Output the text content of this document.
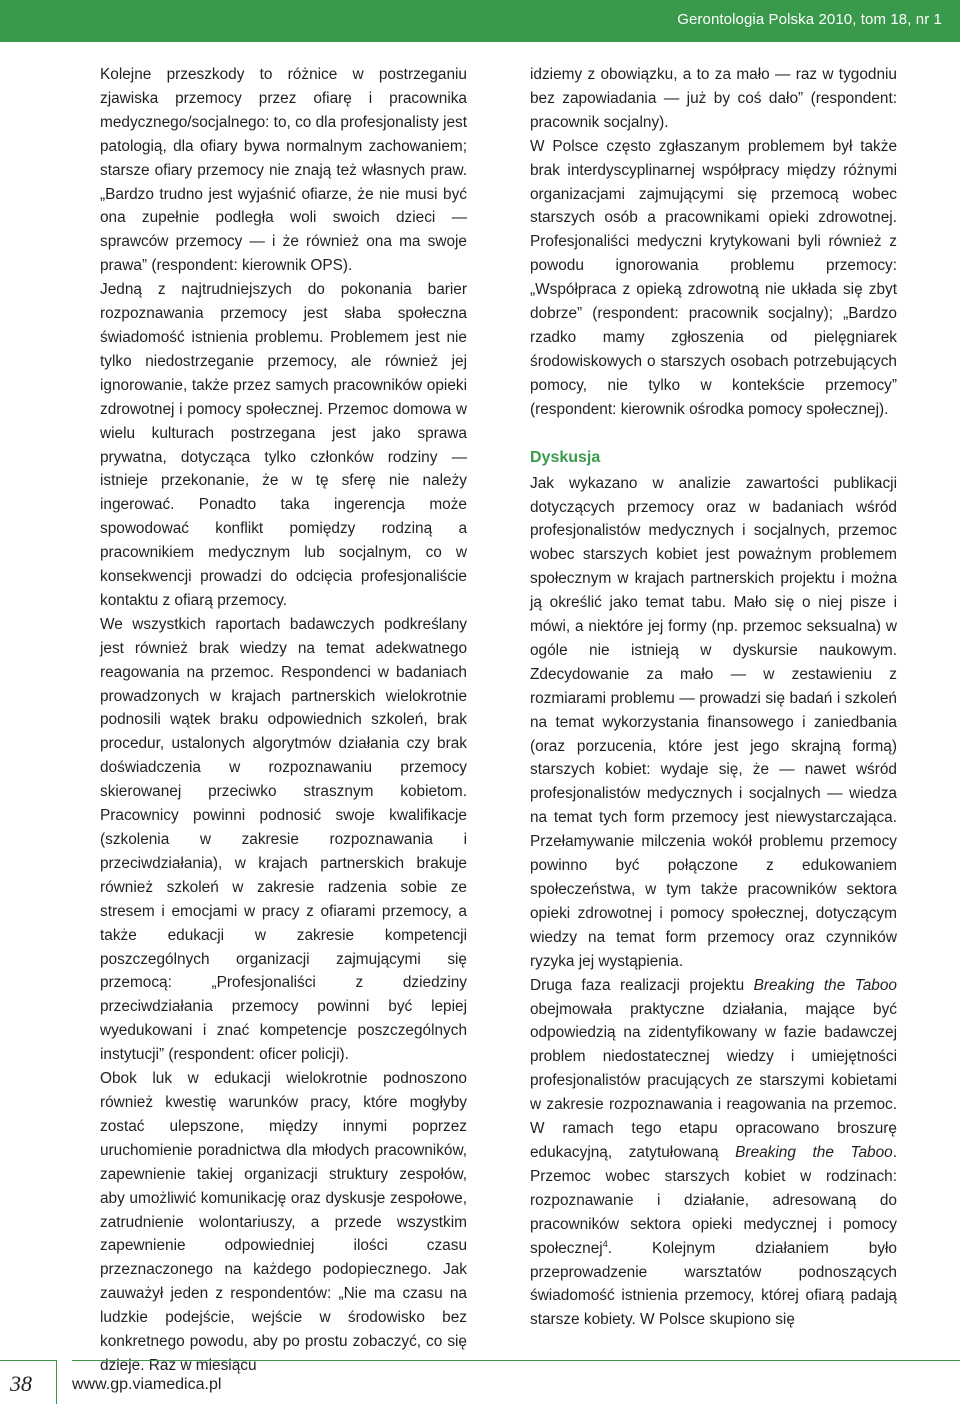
Gerontologia Polska 2010, tom 18, nr 1

Kolejne przeszkody to różnice w postrzeganiu zjawiska przemocy przez ofiarę i pracownika medycznego/socjalnego: to, co dla profesjonalisty jest patologią, dla ofiary bywa normalnym zachowaniem; starsze ofiary przemocy nie znają też własnych praw. „Bardzo trudno jest wyjaśnić ofiarze, że nie musi być ona zupełnie podległa woli swoich dzieci — sprawców przemocy — i że również ona ma swoje prawa” (respondent: kierownik OPS).

Jedną z najtrudniejszych do pokonania barier rozpoznawania przemocy jest słaba społeczna świadomość istnienia problemu. Problemem jest nie tylko niedostrzeganie przemocy, ale również jej ignorowanie, także przez samych pracowników opieki zdrowotnej i pomocy społecznej. Przemoc domowa w wielu kulturach postrzegana jest jako sprawa prywatna, dotycząca tylko członków rodziny — istnieje przekonanie, że w tę sferę nie należy ingerować. Ponadto taka ingerencja może spowodować konflikt pomiędzy rodziną a pracownikiem medycznym lub socjalnym, co w konsekwencji prowadzi do odcięcia profesjonaliście kontaktu z ofiarą przemocy.

We wszystkich raportach badawczych podkreślany jest również brak wiedzy na temat adekwatnego reagowania na przemoc. Respondenci w badaniach prowadzonych w krajach partnerskich wielokrotnie podnosili wątek braku odpowiednich szkoleń, brak procedur, ustalonych algorytmów działania czy brak doświadczenia w rozpoznawaniu przemocy skierowanej przeciwko strasznym kobietom. Pracownicy powinni podnosić swoje kwalifikacje (szkolenia w zakresie rozpoznawania i przeciwdziałania), w krajach partnerskich brakuje również szkoleń w zakresie radzenia sobie ze stresem i emocjami w pracy z ofiarami przemocy, a także edukacji w zakresie kompetencji poszczególnych organizacji zajmującymi się przemocą: „Profesjonaliści z dziedziny przeciwdziałania przemocy powinni być lepiej wyedukowani i znać kompetencje poszczególnych instytucji” (respondent: oficer policji).

Obok luk w edukacji wielokrotnie podnoszono również kwestię warunków pracy, które mogłyby zostać ulepszone, między innymi poprzez uruchomienie poradnictwa dla młodych pracowników, zapewnienie takiej organizacji struktury zespołów, aby umożliwić komunikację oraz dyskusje zespołowe, zatrudnienie wolontariuszy, a przede wszystkim zapewnienie odpowiedniej ilości czasu przeznaczonego na każdego podopiecznego. Jak zauważył jeden z respondentów: „Nie ma czasu na ludzkie podejście, wejście w środowisko bez konkretnego powodu, aby po prostu zobaczyć, co się dzieje. Raz w miesiącu

idziemy z obowiązku, a to za mało — raz w tygodniu bez zapowiadania — już by coś dało” (respondent: pracownik socjalny).

W Polsce często zgłaszanym problemem był także brak interdyscyplinarnej współpracy między różnymi organizacjami zajmującymi się przemocą wobec starszych osób a pracownikami opieki zdrowotnej. Profesjonaliści medyczni krytykowani byli również z powodu ignorowania problemu przemocy: „Współpraca z opieką zdrowotną nie układa się zbyt dobrze” (respondent: pracownik socjalny); „Bardzo rzadko mamy zgłoszenia od pielęgniarek środowiskowych o starszych osobach potrzebujących pomocy, nie tylko w kontekście przemocy” (respondent: kierownik ośrodka pomocy społecznej).

Dyskusja

Jak wykazano w analizie zawartości publikacji dotyczących przemocy oraz w badaniach wśród profesjonalistów medycznych i socjalnych, przemoc wobec starszych kobiet jest poważnym problemem społecznym w krajach partnerskich projektu i można ją określić jako temat tabu. Mało się o niej pisze i mówi, a niektóre jej formy (np. przemoc seksualna) w ogóle nie istnieją w dyskursie naukowym. Zdecydowanie za mało — w zestawieniu z rozmiarami problemu — prowadzi się badań i szkoleń na temat wykorzystania finansowego i zaniedbania (oraz porzucenia, które jest jego skrajną formą) starszych kobiet: wydaje się, że — nawet wśród profesjonalistów medycznych i socjalnych — wiedza na temat tych form przemocy jest niewystarczająca. Przełamywanie milczenia wokół problemu przemocy powinno być połączone z edukowaniem społeczeństwa, w tym także pracowników sektora opieki zdrowotnej i pomocy społecznej, dotyczącym wiedzy na temat form przemocy oraz czynników ryzyka jej wystąpienia.

Druga faza realizacji projektu Breaking the Taboo obejmowała praktyczne działania, mające być odpowiedzią na zidentyfikowany w fazie badawczej problem niedostatecznej wiedzy i umiejętności profesjonalistów pracujących ze starszymi kobietami w zakresie rozpoznawania i reagowania na przemoc. W ramach tego etapu opracowano broszurę edukacyjną, zatytułowaną Breaking the Taboo. Przemoc wobec starszych kobiet w rodzinach: rozpoznawanie i działanie, adresowaną do pracowników sektora opieki medycznej i pomocy społecznej$^4$. Kolejnym działaniem było przeprowadzenie warsztatów podnoszących świadomość istnienia przemocy, której ofiarą padają starsze kobiety. W Polsce skupiono się

38	www.gp.viamedica.pl
